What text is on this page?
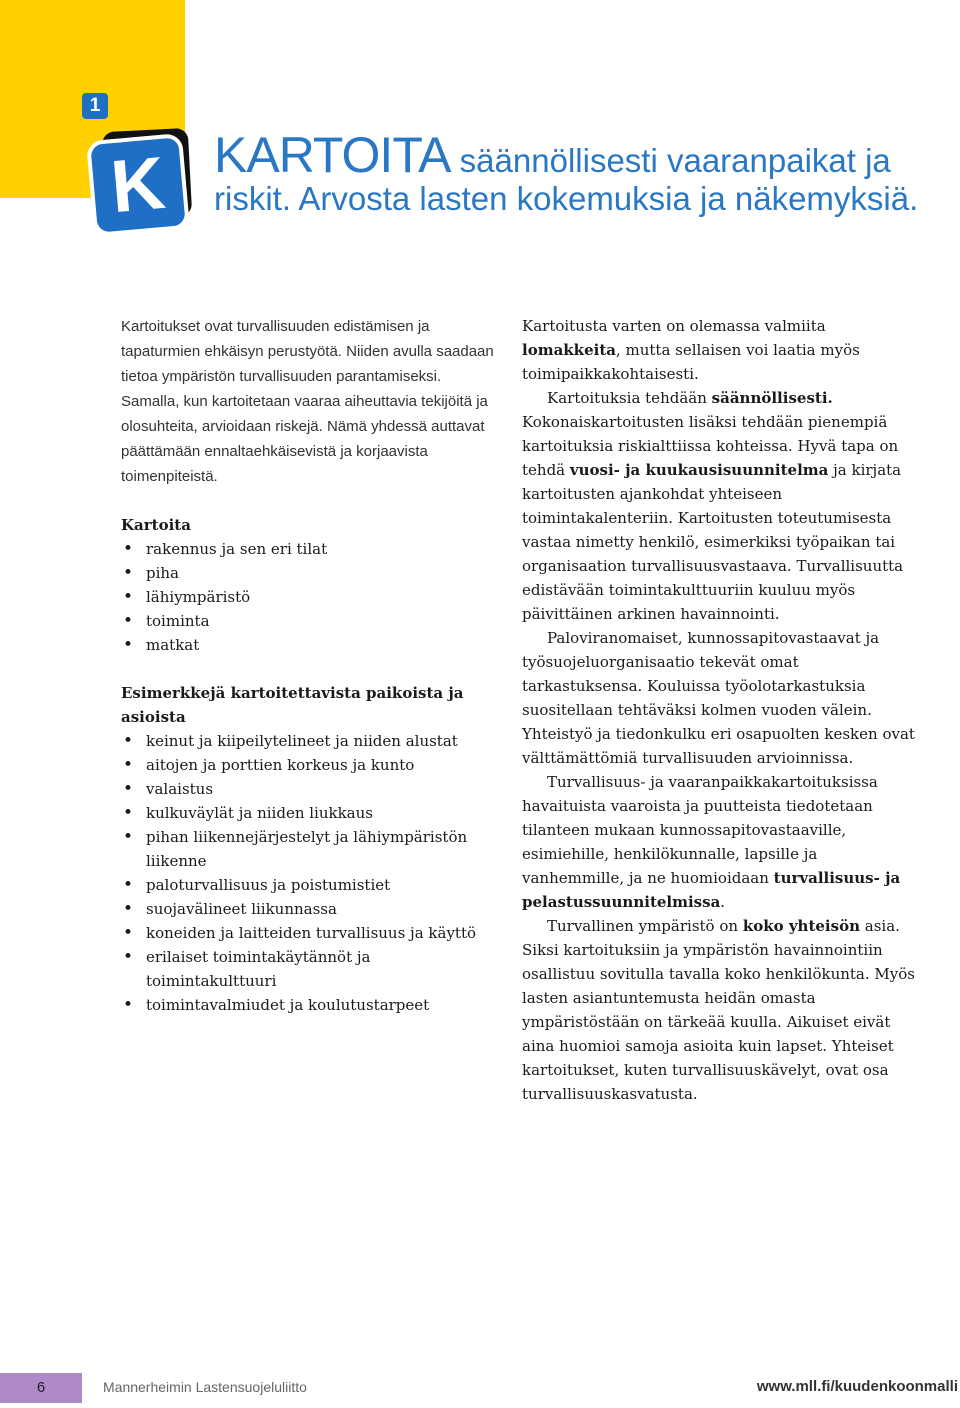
1
K KARTOITA säännöllisesti vaaranpaikat ja riskit. Arvosta lasten kokemuksia ja näkemyksiä.

Kartoitukset ovat turvallisuuden edistämisen ja tapaturmien ehkäisyn perustyötä. Niiden avulla saadaan tietoa ympäristön turvallisuuden parantamiseksi. Samalla, kun kartoitetaan vaaraa aiheuttavia tekijöitä ja olosuhteita, arvioidaan riskejä. Nämä yhdessä auttavat päättämään ennaltaehkäisevistä ja korjaavista toimenpiteistä.

Kartoita

• rakennus ja sen eri tilat
• piha
• lähiympäristö
• toiminta
• matkat

Esimerkkejä kartoitettavista paikoista ja asioista

• keinut ja kiipeilytelineet ja niiden alustat
• aitojen ja porttien korkeus ja kunto
• valaistus
• kulkuväylät ja niiden liukkaus
• pihan liikennejärjestelyt ja lähiympäristön liikenne
• paloturvallisuus ja poistumistiet
• suojavälineet liikunnassa
• koneiden ja laitteiden turvallisuus ja käyttö
• erilaiset toimintakäytännöt ja toimintakulttuuri
• toimintavalmiudet ja koulutustarpeet

Kartoitusta varten on olemassa valmiita lomakkeita, mutta sellaisen voi laatia myös toimipaikkakohtaisesti.

Kartoituksia tehdään säännöllisesti. Kokonaiskartoitusten lisäksi tehdään pienempiä kartoituksia riskialttiissa kohteissa. Hyvä tapa on tehdä vuosi- ja kuukausisuunnitelma ja kirjata kartoitusten ajankohdat yhteiseen toimintakalenteriin. Kartoitusten toteutumisesta vastaa nimetty henkilö, esimerkiksi työpaikan tai organisaation turvallisuusvastaava. Turvallisuutta edistävään toimintakulttuuriin kuuluu myös päivittäinen arkinen havainnointi.

Paloviranomaiset, kunnossapitovastaavat ja työsuojeluorganisaatio tekevät omat tarkastuksensa. Kouluissa työolotarkastuksia suositellaan tehtäväksi kolmen vuoden välein. Yhteistyö ja tiedonkulku eri osapuolten kesken ovat välttämättömiä turvallisuuden arvioinnissa.

Turvallisuus- ja vaaranpaikkakartoituksissa havaituista vaaroista ja puutteista tiedotetaan tilanteen mukaan kunnossapitovastaaville, esimiehille, henkilökunnalle, lapsille ja vanhemmille, ja ne huomioidaan turvallisuus- ja pelastussuunnitelmissa.

Turvallinen ympäristö on koko yhteisön asia. Siksi kartoituksiin ja ympäristön havainnointiin osallistuu sovitulla tavalla koko henkilökunta. Myös lasten asiantuntemusta heidän omasta ympäristöstään on tärkeää kuulla. Aikuiset eivät aina huomioi samoja asioita kuin lapset. Yhteiset kartoitukset, kuten turvallisuuskävelyt, ovat osa turvallisuuskasvatusta.

6	Mannerheimin Lastensuojeluliitto	www.mll.fi/kuudenkoonmalli
